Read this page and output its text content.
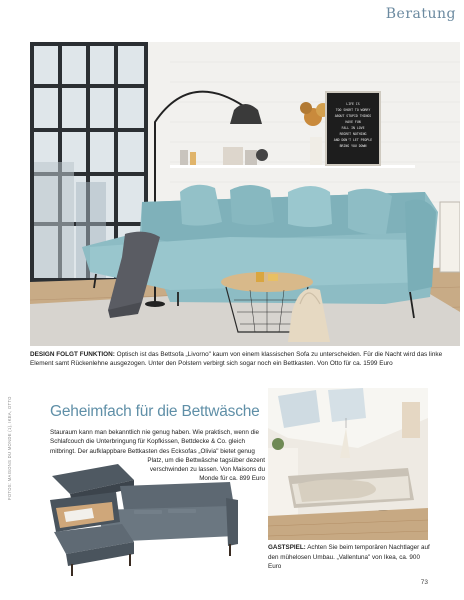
Beratung
LIFE IS
TOO SHORT TO WORRY
ABOUT STUPID THINGS
HAVE FUN
FALL IN LOVE
REGRET NOTHING
AND DON'T LET PEOPLE
BRING YOU DOWN
DESIGN FOLGT FUNKTION: Optisch ist das Bettsofa „Livorno" kaum von einem klassischen Sofa zu unterscheiden. Für die Nacht wird das linke Element samt Rückenlehne ausgezogen. Unter den Polstern verbirgt sich sogar noch ein Bettkasten. Von Otto für ca. 1599 Euro
Geheimfach für die Bettwäsche
Stauraum kann man bekanntlich nie genug haben. Wie praktisch, wenn die Schlafcouch die Unterbringung für Kopfkissen, Bettdecke & Co. gleich mitbringt. Der aufklappbare Bettkasten des Ecksofas „Olivia" bietet genug
Platz, um die Bettwäsche tagsüber dezent
verschwinden zu lassen. Von Maisons du
Monde für ca. 899 Euro
GASTSPIEL: Achten Sie beim temporären Nachtlager auf den mühelosen Umbau. „Vallentuna" von Ikea, ca. 900 Euro
FOTOS: MAISONS DU MONDE (1), IKEA, OTTO
73
